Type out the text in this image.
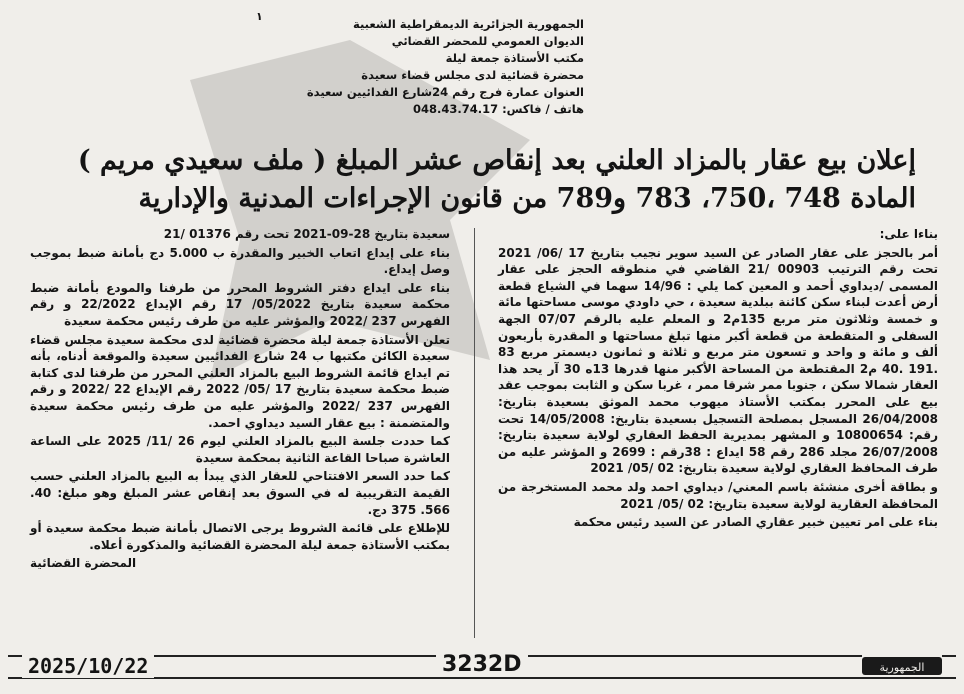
١
الجمهورية الجزائرية الديمقراطية الشعبية
الديوان العمومي للمحضر القضائي
مكتب الأستاذة جمعة ليلة
محضرة قضائية لدى مجلس قضاء سعيدة
العنوان عمارة فرج رقم 24شارع الفدائيين سعيدة
هاتف / فاكس: 048.43.74.17
إعلان بيع عقار بالمزاد العلني بعد إنقاص عشر المبلغ ( ملف سعيدي مريم )
المادة 748 ،750، 783 و789 من قانون الإجراءات المدنية والإدارية

بناءا على:

أمر بالحجز على عقار الصادر عن السيد سوير نجيب بتاريخ 17 /06/ 2021 تحت رقم الترتيب 00903 /21 القاضي في منطوقه الحجز على عقار المسمى /ديداوي أحمد و المعين كما يلي : 14/96 سهما في الشياع قطعة أرض أعدت لبناء سكن كائنة ببلدية سعيدة ، حي داودي موسى مساحتها مائة و خمسة وثلاثون متر مربع 135م2 و المعلم عليه بالرقم 07/07 الجهة السفلى و المتقطعة من قطعة أكبر منها تبلغ مساحتها و المقدرة بأربعون ألف و مائة و واحد و تسعون متر مربع و ثلاثة و ثمانون ديسمتر مربع 83 .191 .40 م2 المقتطعة من المساحة الأكبر منها قدرها 13ه 30 آر يحد هذا العقار شمالا سكن ، جنوبا ممر شرقا ممر ، غربا سكن و الثابت بموجب عقد بيع على المحرر بمكتب الأستاذ ميهوب محمد الموثق بسعيدة بتاريخ: 26/04/2008 المسجل بمصلحة التسجيل بسعيدة بتاريخ: 14/05/2008 تحت رقم: 10800654 و المشهر بمديرية الحفظ العقاري لولاية سعيدة بتاريخ: 26/07/2008 مجلد 286 رقم 58 ايداع : 38رقم : 2699 و المؤشر عليه من طرف المحافظ العقاري لولاية سعيدة بتاريخ: 02 /05/ 2021

و بطاقة أخرى منشئة باسم المعني/ ديداوي احمد ولد محمد المستخرجة من المحافظة العقارية لولاية سعيدة بتاريخ: 02 /05/ 2021

بناء على امر تعيين خبير عقاري الصادر عن السيد رئيس محكمة

سعيدة بتاريخ 28-09-2021 تحت رقم 01376 /21

بناء على إيداع اتعاب الخبير والمقدرة ب 5.000 دج بأمانة ضبط بموجب وصل إيداع.

بناء على ايداع دفتر الشروط المحرر من طرفنا والمودع بأمانة ضبط محكمة سعيدة بتاريخ 05/2022/ 17 رقم الإيداع 22/2022 و رقم الفهرس 237 /2022 والمؤشر عليه من طرف رئيس محكمة سعيدة

تعلن الأستاذة جمعة ليلة محضرة قضائية لدى محكمة سعيدة مجلس قضاء سعيدة الكائن مكتبها ب 24 شارع الفدائيين سعيدة والموقعة أدناه، بأنه تم ايداع قائمة الشروط البيع بالمزاد العلني المحرر من طرفنا لدى كتابة ضبط محكمة سعيدة بتاريخ 17 /05/ 2022 رقم الإيداع 22 /2022 و رقم الفهرس 237 /2022 والمؤشر عليه من طرف رئيس محكمة سعيدة والمتضمنة : بيع عقار السيد ديداوي احمد.

كما حددت جلسة البيع بالمزاد العلني ليوم 26 /11/ 2025 على الساعة العاشرة صباحا القاعة الثانية بمحكمة سعيدة

كما حدد السعر الافتتاحي للعقار الذي يبدأ به البيع بالمزاد العلني حسب القيمة التقريبية له في السوق بعد إنقاص عشر المبلغ وهو مبلغ: 40. 566. 375 دج.

للإطلاع على قائمة الشروط يرجى الاتصال بأمانة ضبط محكمة سعيدة أو بمكتب الأستاذة جمعة ليلة المحضرة القضائية والمذكورة أعلاه.

المحضرة القضائية

2025/10/22	3232D	الجمهورية
